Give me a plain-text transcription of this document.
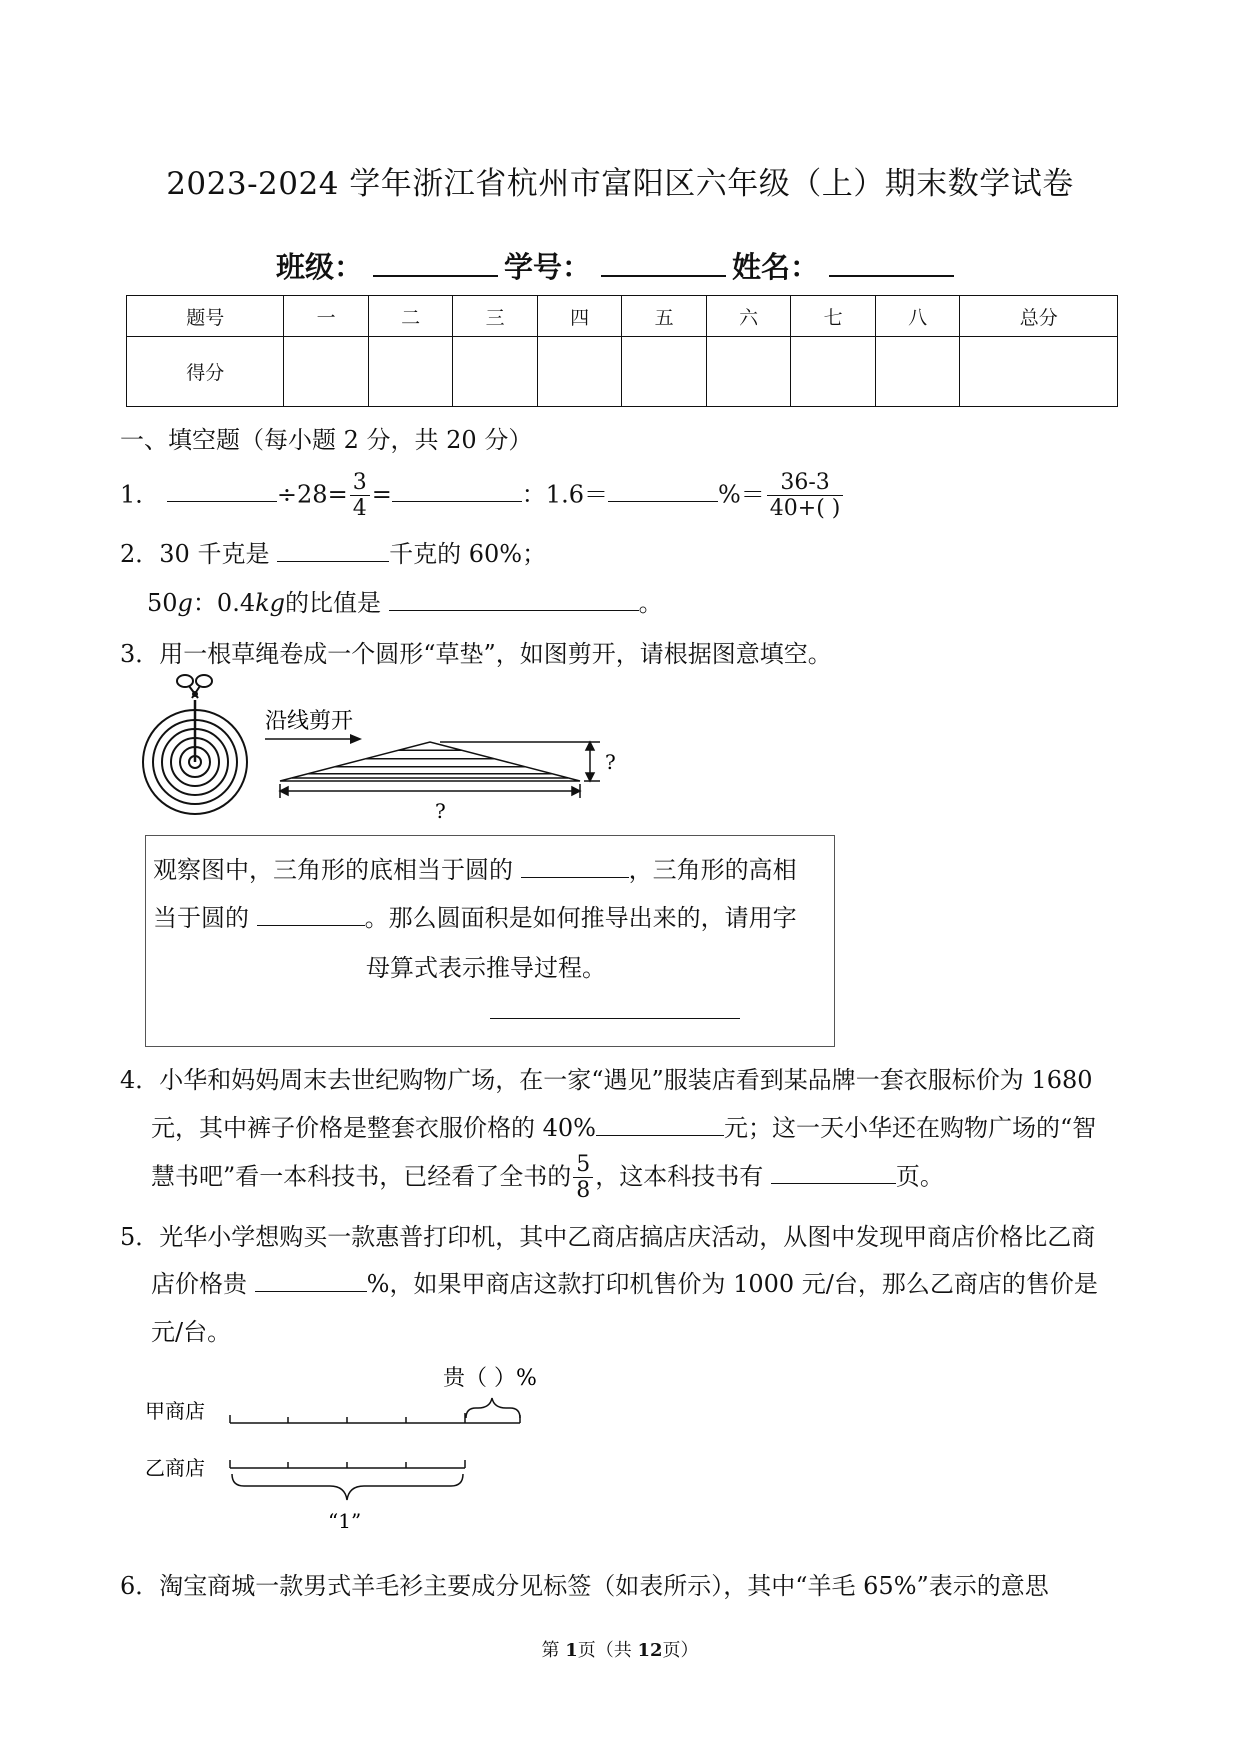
2023-2024 学年浙江省杭州市富阳区六年级（上）期末数学试卷
班级：	学号：	姓名：
题号	一	二	三	四	五	六	七	八	总分
得分									
一、填空题（每小题 2 分，共 20 分）
1．	$\div 28= \frac{3}{4}$ =	：1.6＝	%＝ $\frac{36-3}{40+( )}$
2．30 千克是	千克的 60%；
50g：0.4kg的比值是	。
3．用一根草绳卷成一个圆形“草垫”，如图剪开，请根据图意填空。
沿线剪开
?
?
观察图中，三角形的底相当于圆的	，三角形的高相
当于圆的	。那么圆面积是如何推导出来的，请用字
母算式表示推导过程。
4．小华和妈妈周末去世纪购物广场，在一家“遇见”服装店看到某品牌一套衣服标价为 1680
元，其中裤子价格是整套衣服价格的 40%	元；这一天小华还在购物广场的“智
慧书吧”看一本科技书，已经看了全书的 $\frac{5}{8}$ ，这本科技书有	页。
5．光华小学想购买一款惠普打印机，其中乙商店搞店庆活动，从图中发现甲商店价格比乙商
店价格贵	%，如果甲商店这款打印机售价为 1000 元/台，那么乙商店的售价是
元/台。
贵（ ）%
甲商店
乙商店
“1”
6．淘宝商城一款男式羊毛衫主要成分见标签（如表所示），其中“羊毛 65%”表示的意思
第 1页（共 12页）
